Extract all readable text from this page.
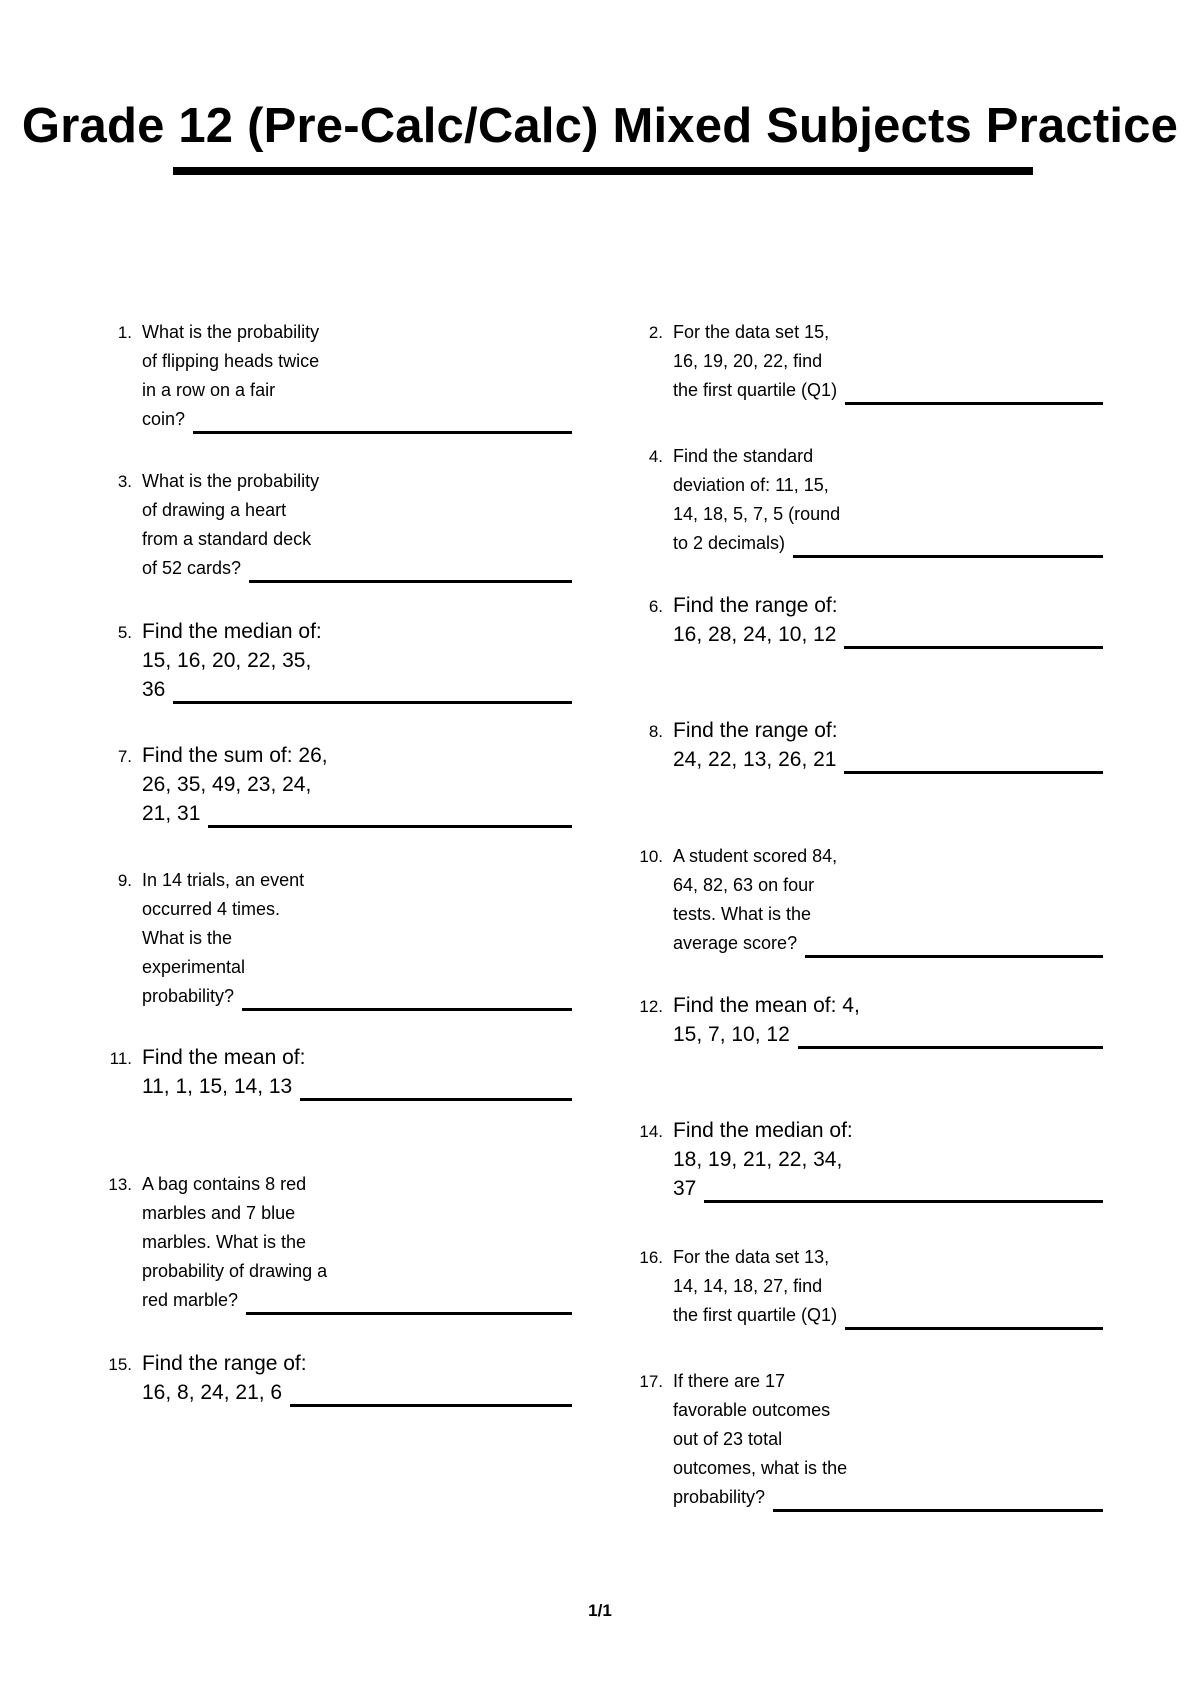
Grade 12 (Pre-Calc/Calc) Mixed Subjects Practice
1. What is the probability
of flipping heads twice
in a row on a fair
coin?
3. What is the probability
of drawing a heart
from a standard deck
of 52 cards?
5. Find the median of:
15, 16, 20, 22, 35,
36
7. Find the sum of: 26,
26, 35, 49, 23, 24,
21, 31
9. In 14 trials, an event
occurred 4 times.
What is the
experimental
probability?
11. Find the mean of:
11, 1, 15, 14, 13
13. A bag contains 8 red
marbles and 7 blue
marbles. What is the
probability of drawing a
red marble?
15. Find the range of:
16, 8, 24, 21, 6
2. For the data set 15,
16, 19, 20, 22, find
the first quartile (Q1)
4. Find the standard
deviation of: 11, 15,
14, 18, 5, 7, 5 (round
to 2 decimals)
6. Find the range of:
16, 28, 24, 10, 12
8. Find the range of:
24, 22, 13, 26, 21
10. A student scored 84,
64, 82, 63 on four
tests. What is the
average score?
12. Find the mean of: 4,
15, 7, 10, 12
14. Find the median of:
18, 19, 21, 22, 34,
37
16. For the data set 13,
14, 14, 18, 27, find
the first quartile (Q1)
17. If there are 17
favorable outcomes
out of 23 total
outcomes, what is the
probability?
1/1
